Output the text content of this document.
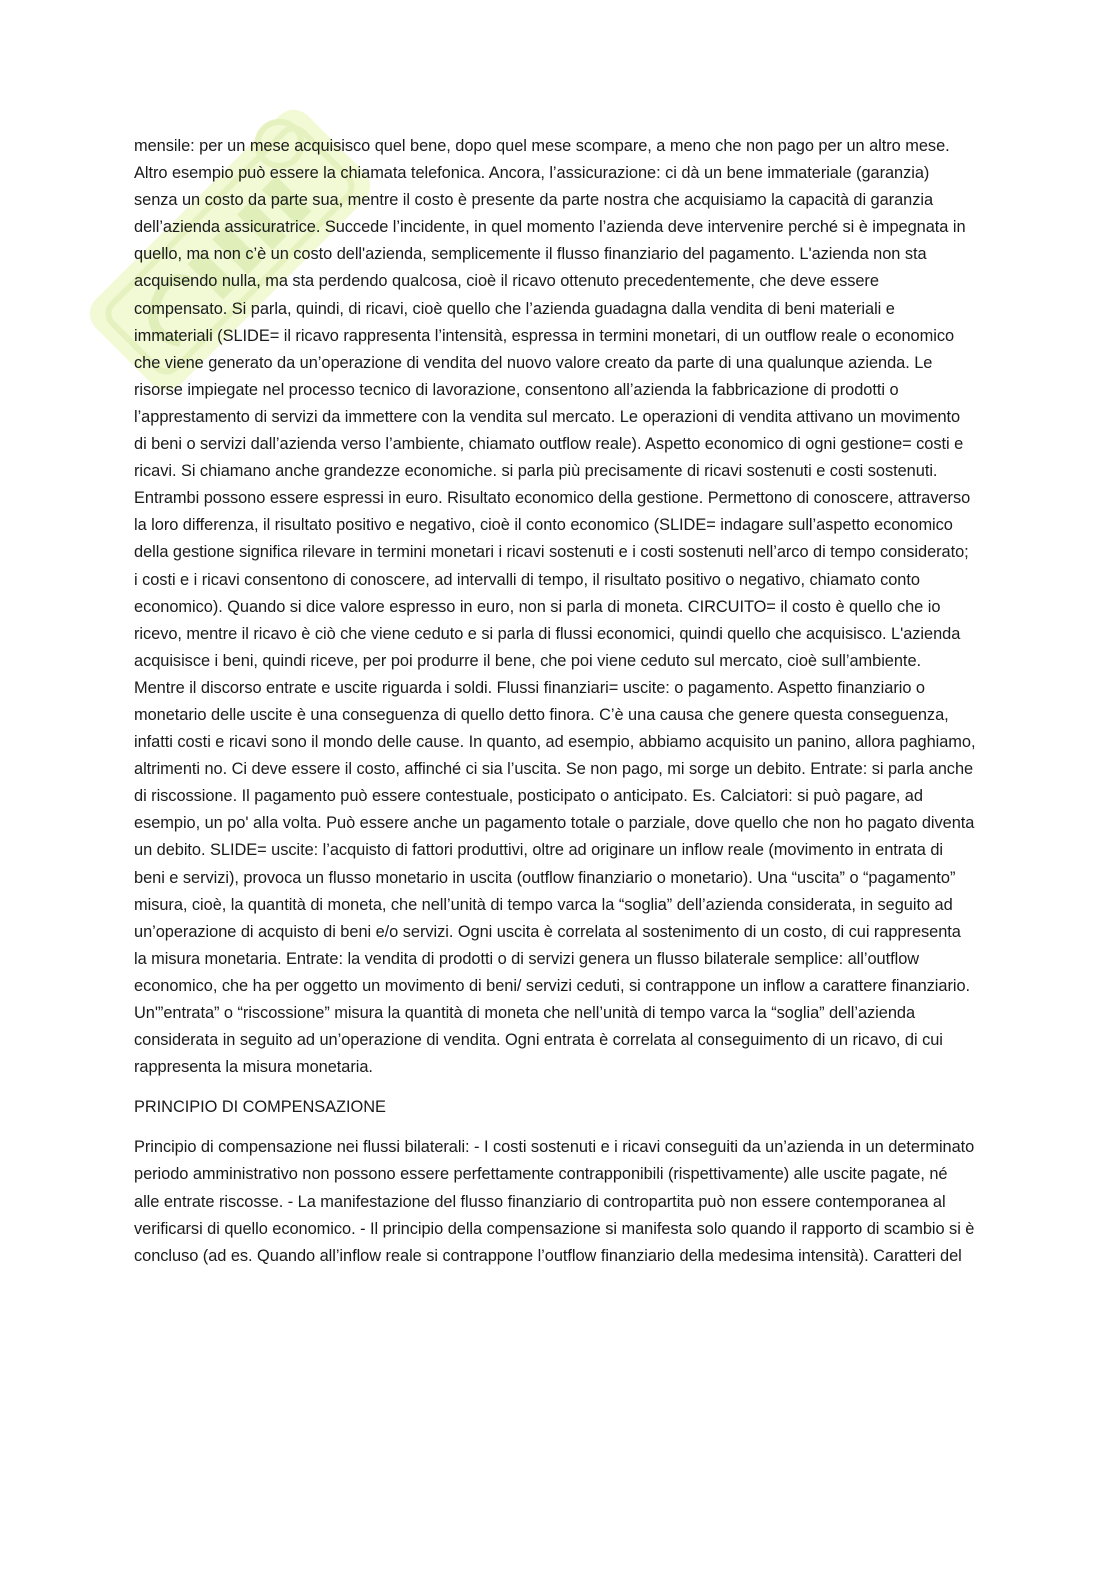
mensile: per un mese acquisisco quel bene, dopo quel mese scompare, a meno che non pago per un altro mese. Altro esempio può essere la chiamata telefonica. Ancora, l’assicurazione: ci dà un bene immateriale (garanzia) senza un costo da parte sua, mentre il costo è presente da parte nostra che acquisiamo la capacità di garanzia dell’azienda assicuratrice. Succede l’incidente, in quel momento l’azienda deve intervenire perché si è impegnata in quello, ma non c’è un costo dell'azienda, semplicemente il flusso finanziario del pagamento. L'azienda non sta acquisendo nulla, ma sta perdendo qualcosa, cioè il ricavo ottenuto precedentemente, che deve essere compensato. Si parla, quindi, di ricavi, cioè quello che l’azienda guadagna dalla vendita di beni materiali e immateriali (SLIDE= il ricavo rappresenta l’intensità, espressa in termini monetari, di un outflow reale o economico che viene generato da un’operazione di vendita del nuovo valore creato da parte di una qualunque azienda. Le risorse impiegate nel processo tecnico di lavorazione, consentono all’azienda la fabbricazione di prodotti o l’apprestamento di servizi da immettere con la vendita sul mercato. Le operazioni di vendita attivano un movimento di beni o servizi dall’azienda verso l’ambiente, chiamato outflow reale). Aspetto economico di ogni gestione= costi e ricavi. Si chiamano anche grandezze economiche. si parla più precisamente di ricavi sostenuti e costi sostenuti. Entrambi possono essere espressi in euro. Risultato economico della gestione. Permettono di conoscere, attraverso la loro differenza, il risultato positivo e negativo, cioè il conto economico (SLIDE= indagare sull’aspetto economico della gestione significa rilevare in termini monetari i ricavi sostenuti e i costi sostenuti nell’arco di tempo considerato; i costi e i ricavi consentono di conoscere, ad intervalli di tempo, il risultato positivo o negativo, chiamato conto economico). Quando si dice valore espresso in euro, non si parla di moneta. CIRCUITO= il costo è quello che io ricevo, mentre il ricavo è ciò che viene ceduto e si parla di flussi economici, quindi quello che acquisisco. L'azienda acquisisce i beni, quindi riceve, per poi produrre il bene, che poi viene ceduto sul mercato, cioè sull’ambiente. Mentre il discorso entrate e uscite riguarda i soldi. Flussi finanziari= uscite: o pagamento. Aspetto finanziario o monetario delle uscite è una conseguenza di quello detto finora. C’è una causa che genere questa conseguenza, infatti costi e ricavi sono il mondo delle cause. In quanto, ad esempio, abbiamo acquisito un panino, allora paghiamo, altrimenti no. Ci deve essere il costo, affinché ci sia l’uscita. Se non pago, mi sorge un debito. Entrate: si parla anche di riscossione. Il pagamento può essere contestuale, posticipato o anticipato. Es. Calciatori: si può pagare, ad esempio, un po' alla volta. Può essere anche un pagamento totale o parziale, dove quello che non ho pagato diventa un debito. SLIDE= uscite: l’acquisto di fattori produttivi, oltre ad originare un inflow reale (movimento in entrata di beni e servizi), provoca un flusso monetario in uscita (outflow finanziario o monetario). Una “uscita” o “pagamento” misura, cioè, la quantità di moneta, che nell’unità di tempo varca la “soglia” dell’azienda considerata, in seguito ad un’operazione di acquisto di beni e/o servizi. Ogni uscita è correlata al sostenimento di un costo, di cui rappresenta la misura monetaria. Entrate: la vendita di prodotti o di servizi genera un flusso bilaterale semplice: all’outflow economico, che ha per oggetto un movimento di beni/ servizi ceduti, si contrappone un inflow a carattere finanziario. Un'”entrata” o “riscossione” misura la quantità di moneta che nell’unità di tempo varca la “soglia” dell’azienda considerata in seguito ad un’operazione di vendita. Ogni entrata è correlata al conseguimento di un ricavo, di cui rappresenta la misura monetaria.

PRINCIPIO DI COMPENSAZIONE

Principio di compensazione nei flussi bilaterali: - I costi sostenuti e i ricavi conseguiti da un’azienda in un determinato periodo amministrativo non possono essere perfettamente contrapponibili (rispettivamente) alle uscite pagate, né alle entrate riscosse. - La manifestazione del flusso finanziario di contropartita può non essere contemporanea al verificarsi di quello economico. - Il principio della compensazione si manifesta solo quando il rapporto di scambio si è concluso (ad es. Quando all’inflow reale si contrappone l’outflow finanziario della medesima intensità). Caratteri del
